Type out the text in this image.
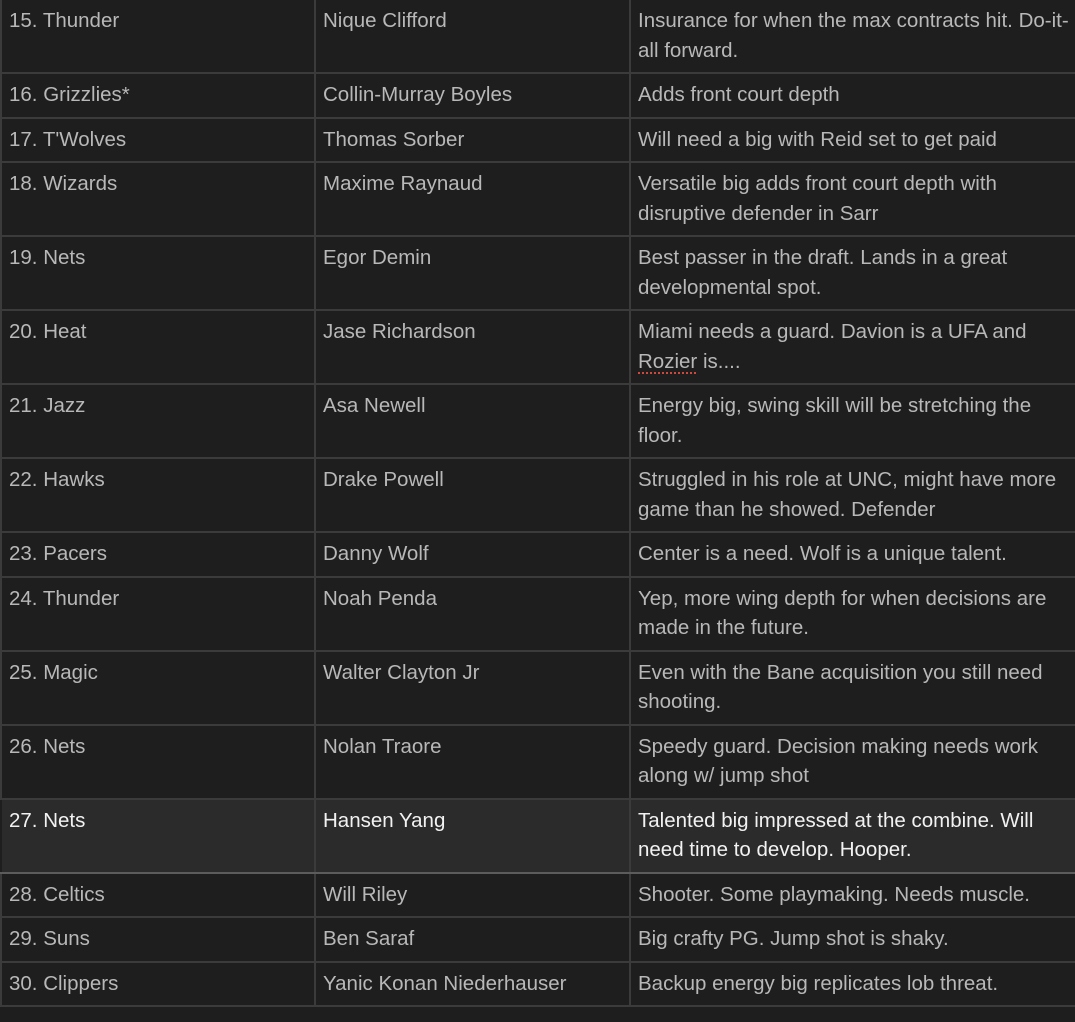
15. Thunder	Nique Clifford	Insurance for when the max contracts hit. Do-it-all forward.
16. Grizzlies*	Collin-Murray Boyles	Adds front court depth
17. T'Wolves	Thomas Sorber	Will need a big with Reid set to get paid
18. Wizards	Maxime Raynaud	Versatile big adds front court depth with disruptive defender in Sarr
19. Nets	Egor Demin	Best passer in the draft. Lands in a great developmental spot.
20. Heat	Jase Richardson	Miami needs a guard. Davion is a UFA and Rozier is....
21. Jazz	Asa Newell	Energy big, swing skill will be stretching the floor.
22. Hawks	Drake Powell	Struggled in his role at UNC, might have more game than he showed. Defender
23. Pacers	Danny Wolf	Center is a need. Wolf is a unique talent.
24. Thunder	Noah Penda	Yep, more wing depth for when decisions are made in the future.
25. Magic	Walter Clayton Jr	Even with the Bane acquisition you still need shooting.
26. Nets	Nolan Traore	Speedy guard. Decision making needs work along w/ jump shot
27. Nets	Hansen Yang	Talented big impressed at the combine. Will need time to develop. Hooper.
28. Celtics	Will Riley	Shooter. Some playmaking. Needs muscle.
29. Suns	Ben Saraf	Big crafty PG. Jump shot is shaky.
30. Clippers	Yanic Konan Niederhauser	Backup energy big replicates lob threat.
